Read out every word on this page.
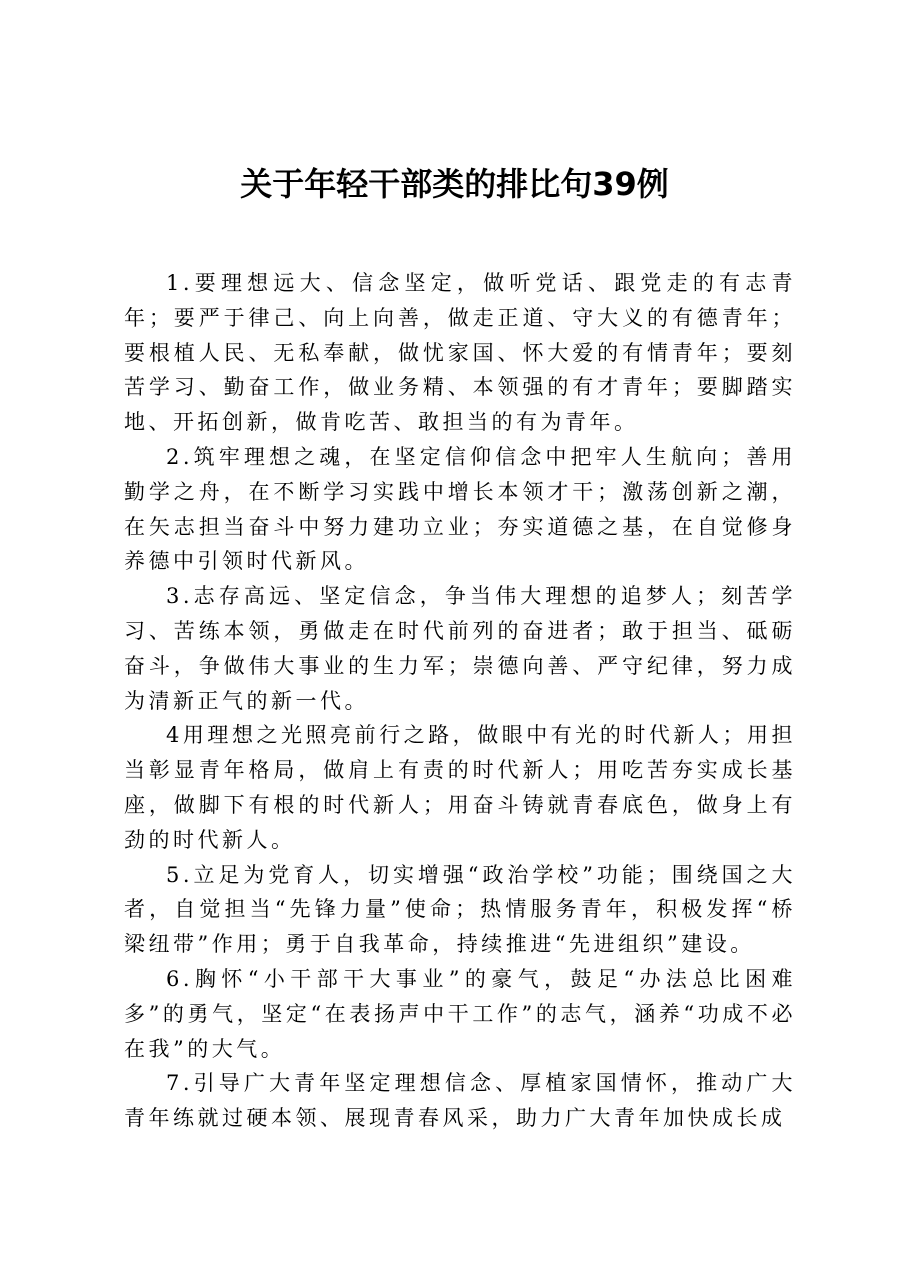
关于年轻干部类的排比句39例

1.要理想远大、信念坚定，做听党话、跟党走的有志青年；要严于律己、向上向善，做走正道、守大义的有德青年；要根植人民、无私奉献，做忧家国、怀大爱的有情青年；要刻苦学习、勤奋工作，做业务精、本领强的有才青年；要脚踏实地、开拓创新，做肯吃苦、敢担当的有为青年。

2.筑牢理想之魂，在坚定信仰信念中把牢人生航向；善用勤学之舟，在不断学习实践中增长本领才干；激荡创新之潮，在矢志担当奋斗中努力建功立业；夯实道德之基，在自觉修身养德中引领时代新风。

3.志存高远、坚定信念，争当伟大理想的追梦人；刻苦学习、苦练本领，勇做走在时代前列的奋进者；敢于担当、砥砺奋斗，争做伟大事业的生力军；崇德向善、严守纪律，努力成为清新正气的新一代。

4用理想之光照亮前行之路，做眼中有光的时代新人；用担当彰显青年格局，做肩上有责的时代新人；用吃苦夯实成长基座，做脚下有根的时代新人；用奋斗铸就青春底色，做身上有劲的时代新人。

5.立足为党育人，切实增强“政治学校”功能；围绕国之大者，自觉担当“先锋力量”使命；热情服务青年，积极发挥“桥梁纽带”作用；勇于自我革命，持续推进“先进组织”建设。

6.胸怀“小干部干大事业”的豪气，鼓足“办法总比困难多”的勇气，坚定“在表扬声中干工作”的志气，涵养“功成不必在我”的大气。

7.引导广大青年坚定理想信念、厚植家国情怀，推动广大青年练就过硬本领、展现青春风采，助力广大青年加快成长成
